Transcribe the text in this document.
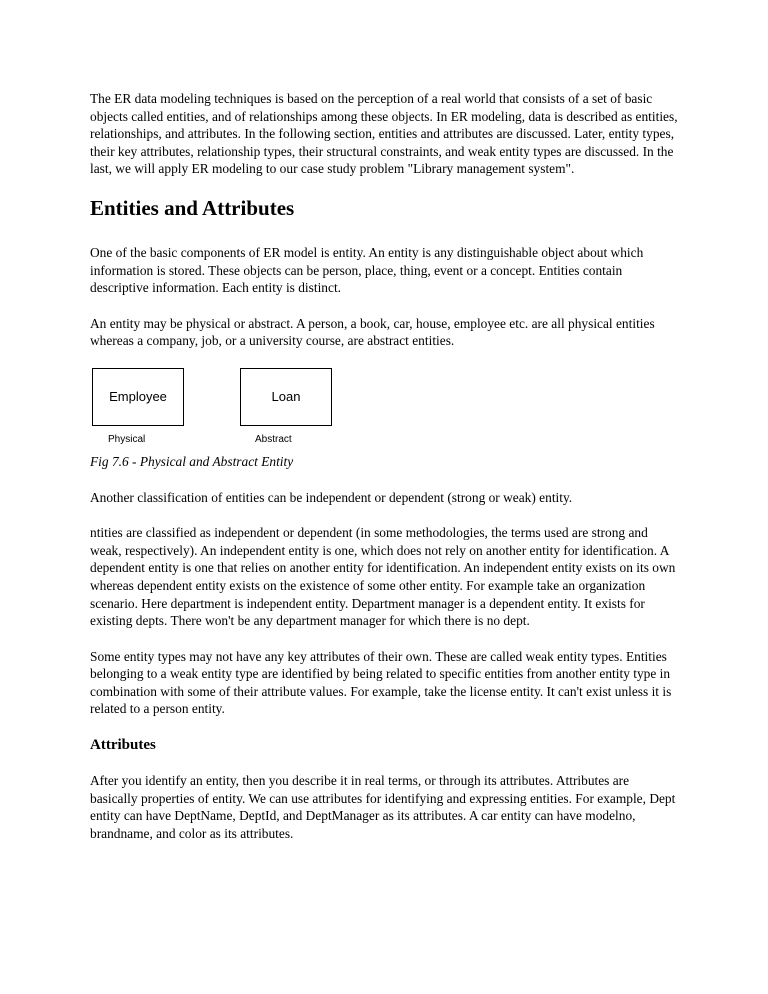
The ER data modeling techniques is based on the perception of a real world that consists of a set of basic objects called entities, and of relationships among these objects. In ER modeling, data is described as entities, relationships, and attributes. In the following section, entities and attributes are discussed. Later, entity types, their key attributes, relationship types, their structural constraints, and weak entity types are discussed. In the last, we will apply ER modeling to our case study problem "Library management system".

Entities and Attributes

One of the basic components of ER model is entity. An entity is any distinguishable object about which information is stored. These objects can be person, place, thing, event or a concept. Entities contain descriptive information. Each entity is distinct.

An entity may be physical or abstract. A person, a book, car, house, employee etc. are all physical entities whereas a company, job, or a university course, are abstract entities.

Employee	Loan
Physical	Abstract
Fig 7.6 - Physical and Abstract Entity

Another classification of entities can be independent or dependent (strong or weak) entity.

ntities are classified as independent or dependent (in some methodologies, the terms used are strong and weak, respectively). An independent entity is one, which does not rely on another entity for identification. A dependent entity is one that relies on another entity for identification. An independent entity exists on its own whereas dependent entity exists on the existence of some other entity. For example take an organization scenario. Here department is independent entity. Department manager is a dependent entity. It exists for existing depts. There won't be any department manager for which there is no dept.

Some entity types may not have any key attributes of their own. These are called weak entity types. Entities belonging to a weak entity type are identified by being related to specific entities from another entity type in combination with some of their attribute values. For example, take the license entity. It can't exist unless it is related to a person entity.

Attributes

After you identify an entity, then you describe it in real terms, or through its attributes. Attributes are basically properties of entity. We can use attributes for identifying and expressing entities. For example, Dept entity can have DeptName, DeptId, and DeptManager as its attributes. A car entity can have modelno, brandname, and color as its attributes.
